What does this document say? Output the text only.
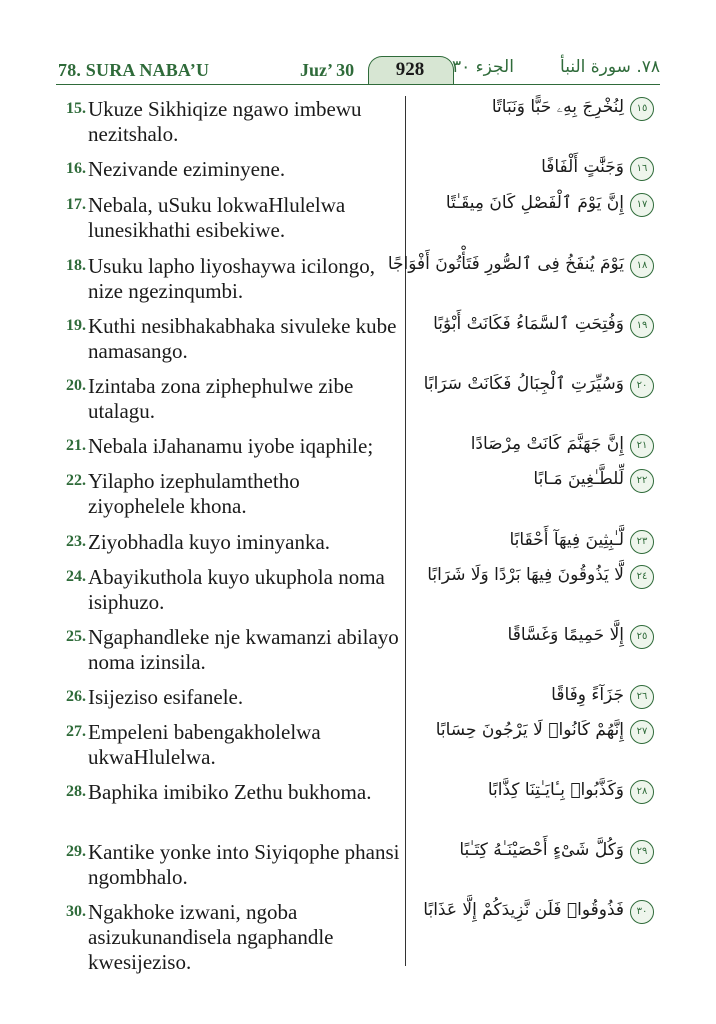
78. SURA NABA’U	Juz’ 30	928	الجزء ٣٠	٧٨. سورة النبأ
15. Ukuze Sikhiqize ngawo imbewu nezitshalo.
لِنُخْرِجَ بِهِۦ حَبًّا وَنَبَاتًا	١٥
16. Nezivande eziminyene.	وَجَنَّٰتٍ أَلْفَافًا	١٦
17. Nebala, uSuku lokwaHlulelwa lunesikhathi esibekiwe.
إِنَّ يَوْمَ ٱلْفَصْلِ كَانَ مِيقَـٰتًا	١٧
18. Usuku lapho liyoshaywa icilongo, nize ngezinqumbi.
يَوْمَ يُنفَخُ فِى ٱلصُّورِ فَتَأْتُونَ أَفْوَاجًا	١٨
19. Kuthi nesibhakabhaka sivuleke kube namasango.
وَفُتِحَتِ ٱلسَّمَاءُ فَكَانَتْ أَبْوَٰبًا	١٩
20. Izintaba zona ziphephulwe zibe utalagu.
وَسُيِّرَتِ ٱلْجِبَالُ فَكَانَتْ سَرَابًا	٢٠
21. Nebala iJahanamu iyobe iqaphile;	إِنَّ جَهَنَّمَ كَانَتْ مِرْصَادًا	٢١
22. Yilapho izephulamthetho ziyophelele khona.
لِّلطَّـٰغِينَ مَـابًا	٢٢
23. Ziyobhadla kuyo iminyanka.	لَّـٰبِثِينَ فِيهَآ أَحْقَابًا	٢٣
24. Abayikuthola kuyo ukuphola noma isiphuzo.
لَّا يَذُوقُونَ فِيهَا بَرْدًا وَلَا شَرَابًا	٢٤
25. Ngaphandleke nje kwamanzi abilayo noma izinsila.
إِلَّا حَمِيمًا وَغَسَّاقًا	٢٥
26. Isijeziso esifanele.	جَزَآءً وِفَاقًا	٢٦
27. Empeleni babengakholelwa ukwaHlulelwa.
إِنَّهُمْ كَانُوا۟ لَا يَرْجُونَ حِسَابًا	٢٧
28. Baphika imibiko Zethu bukhoma.	وَكَذَّبُوا۟ بِـٔايَـٰتِنَا كِذَّابًا	٢٨
29. Kantike yonke into Siyiqophe phansi ngombhalo.
وَكُلَّ شَىْءٍ أَحْصَيْنَـٰهُ كِتَـٰبًا	٢٩
30. Ngakhoke izwani, ngoba asizukunandisela ngaphandle kwesijeziso.
فَذُوقُوا۟ فَلَن نَّزِيدَكُمْ إِلَّا عَذَابًا	٣٠
